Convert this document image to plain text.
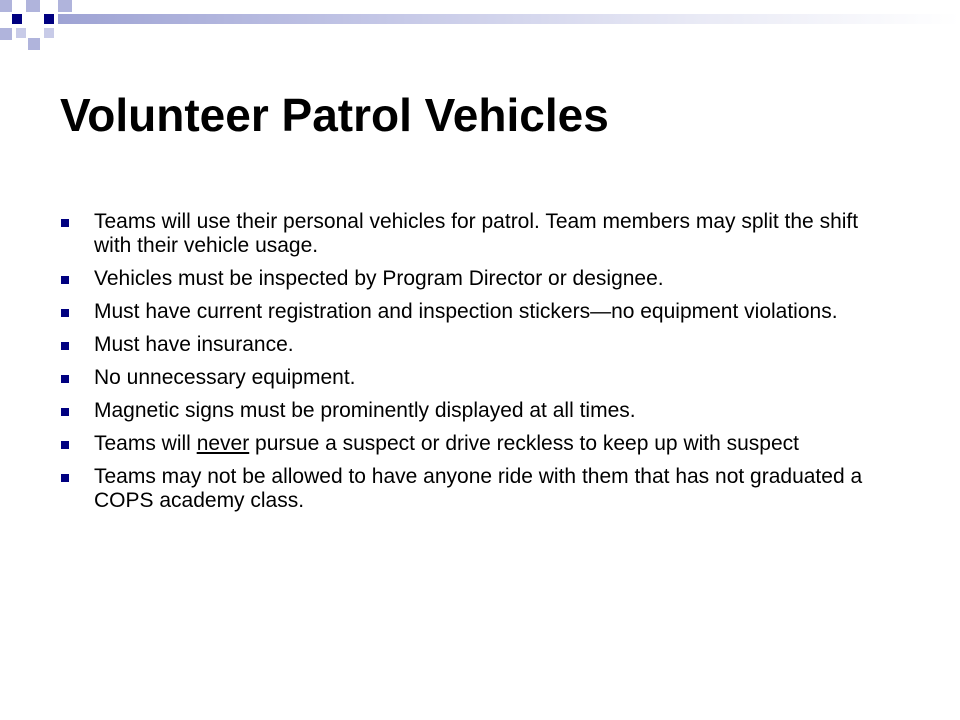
Volunteer Patrol Vehicles
Teams will use their personal vehicles for patrol. Team members may split the shift with their vehicle usage.
Vehicles must be inspected by Program Director or designee.
Must have current registration and inspection stickers—no equipment violations.
Must have insurance.
No unnecessary equipment.
Magnetic signs must be prominently displayed at all times.
Teams will never pursue a suspect or drive reckless to keep up with suspect
Teams may not be allowed to have anyone ride with them that has not graduated a COPS academy class.
